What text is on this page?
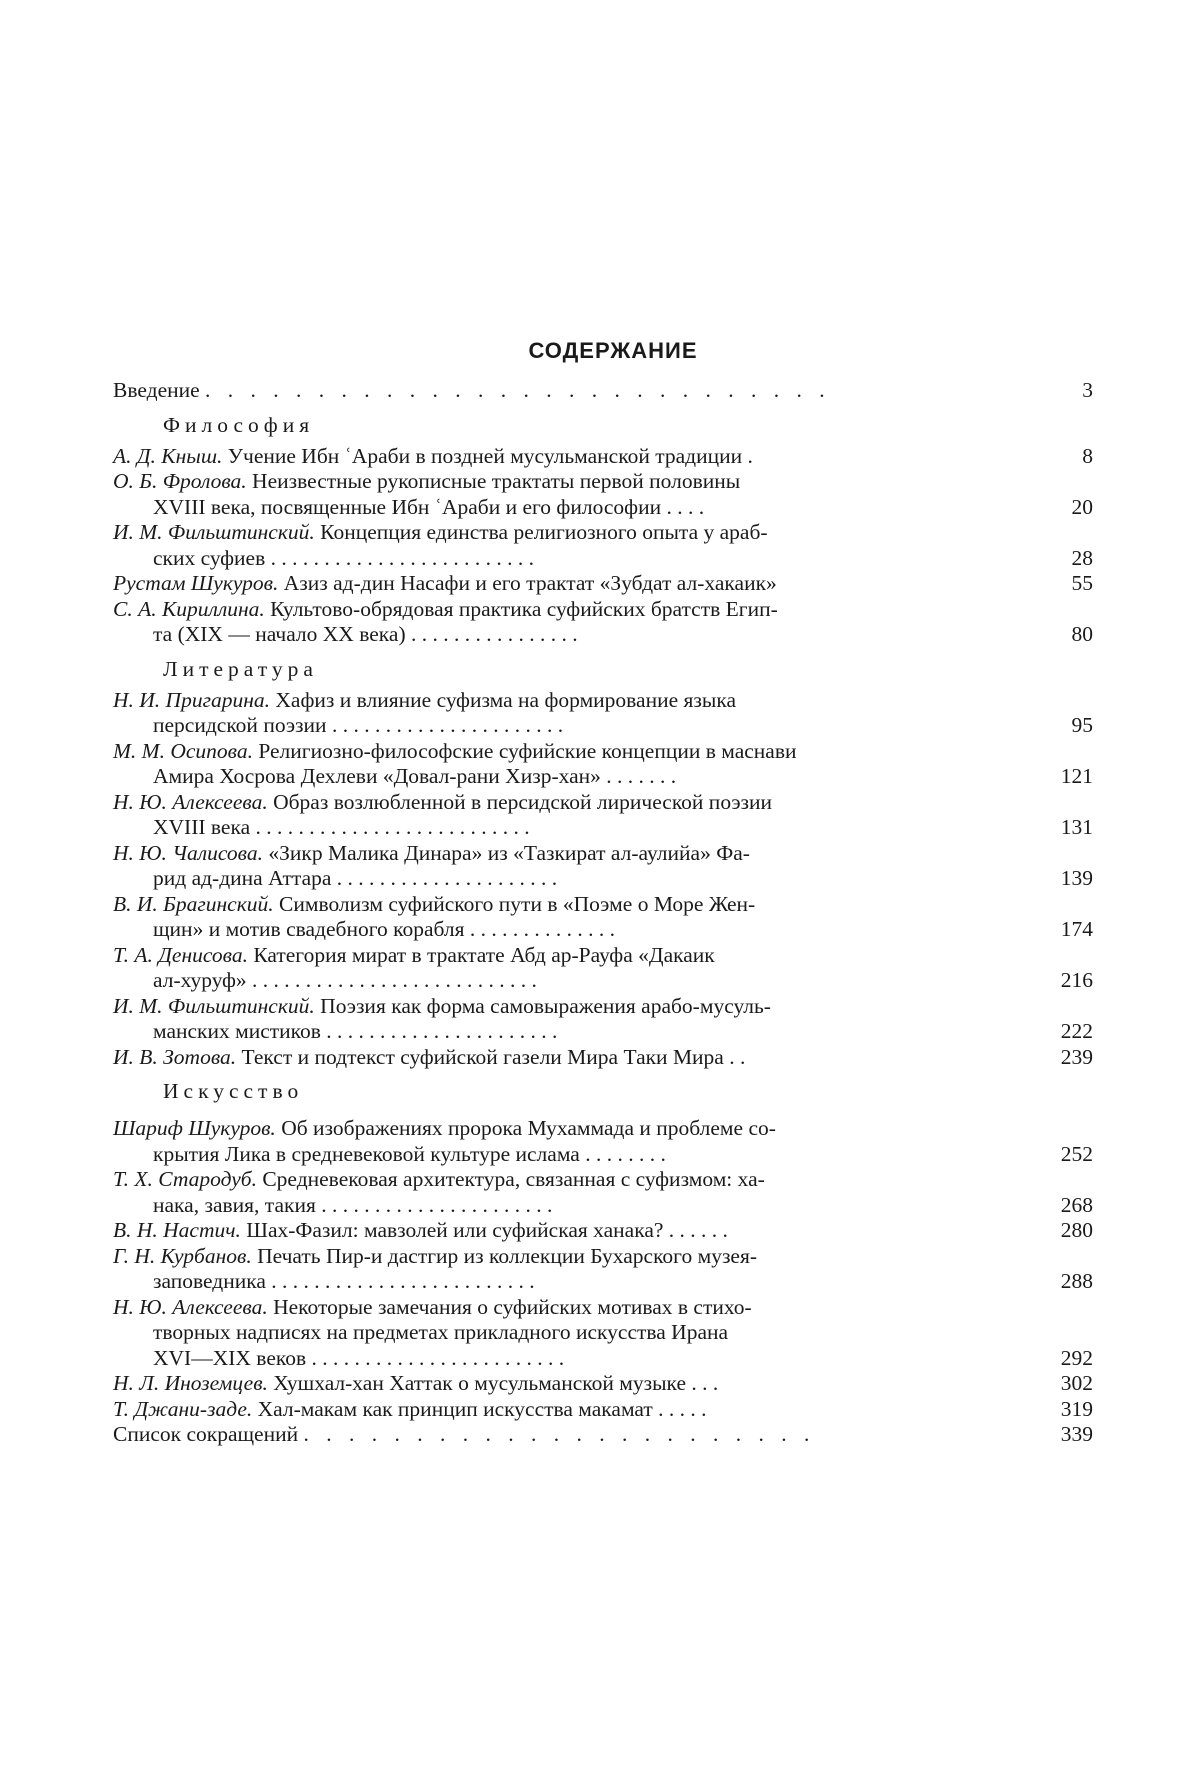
СОДЕРЖАНИЕ
Введение . . . . . . . . . . . . . . . . . . . . . . . . . . . .	3
Философия
А. Д. Кныш. Учение Ибн ʿАраби в поздней мусульманской традиции .	8
О. Б. Фролова. Неизвестные рукописные трактаты первой половины
XVIII века, посвященные Ибн ʿАраби и его философии . . . .	20
И. М. Фильштинский. Концепция единства религиозного опыта у араб-
ских суфиев . . . . . . . . . . . . . . . . . . . . . . . . .	28
Рустам Шукуров. Азиз ад-дин Насафи и его трактат «Зубдат ал-хакаик»	55
С. А. Кириллина. Культово-обрядовая практика суфийских братств Егип-
та (XIX — начало XX века) . . . . . . . . . . . . . . . .	80
Литература
Н. И. Пригарина. Хафиз и влияние суфизма на формирование языка
персидской поэзии . . . . . . . . . . . . . . . . . . . . . .	95
М. М. Осипова. Религиозно-философские суфийские концепции в маснави
Амира Хосрова Дехлеви «Довал-рани Хизр-хан» . . . . . . .	121
Н. Ю. Алексеева. Образ возлюбленной в персидской лирической поэзии
XVIII века . . . . . . . . . . . . . . . . . . . . . . . . . .	131
Н. Ю. Чалисова. «Зикр Малика Динара» из «Тазкират ал-аулийа» Фа-
рид ад-дина Аттара . . . . . . . . . . . . . . . . . . . . .	139
В. И. Брагинский. Символизм суфийского пути в «Поэме о Море Жен-
щин» и мотив свадебного корабля . . . . . . . . . . . . . .	174
Т. А. Денисова. Категория мират в трактате Абд ар-Рауфа «Дакаик
ал-хуруф» . . . . . . . . . . . . . . . . . . . . . . . . . . .	216
И. М. Фильштинский. Поэзия как форма самовыражения арабо-мусуль-
манских мистиков . . . . . . . . . . . . . . . . . . . . . .	222
И. В. Зотова. Текст и подтекст суфийской газели Мира Таки Мира . .	239
Искусство
Шариф Шукуров. Об изображениях пророка Мухаммада и проблеме со-
крытия Лика в средневековой культуре ислама . . . . . . . .	252
Т. Х. Стародуб. Средневековая архитектура, связанная с суфизмом: ха-
нака, завия, такия . . . . . . . . . . . . . . . . . . . . . .	268
В. Н. Настич. Шах-Фазил: мавзолей или суфийская ханака? . . . . . .	280
Г. Н. Курбанов. Печать Пир-и дастгир из коллекции Бухарского музея-
заповедника . . . . . . . . . . . . . . . . . . . . . . . . .	288
Н. Ю. Алексеева. Некоторые замечания о суфийских мотивах в стихо-
творных надписях на предметах прикладного искусства Ирана
XVI—XIX веков . . . . . . . . . . . . . . . . . . . . . . . .	292
Н. Л. Иноземцев. Хушхал-хан Хаттак о мусульманской музыке . . .	302
Т. Джани-заде. Хал-макам как принцип искусства макамат . . . . .	319
Список сокращений . . . . . . . . . . . . . . . . . . . . . . .	339
